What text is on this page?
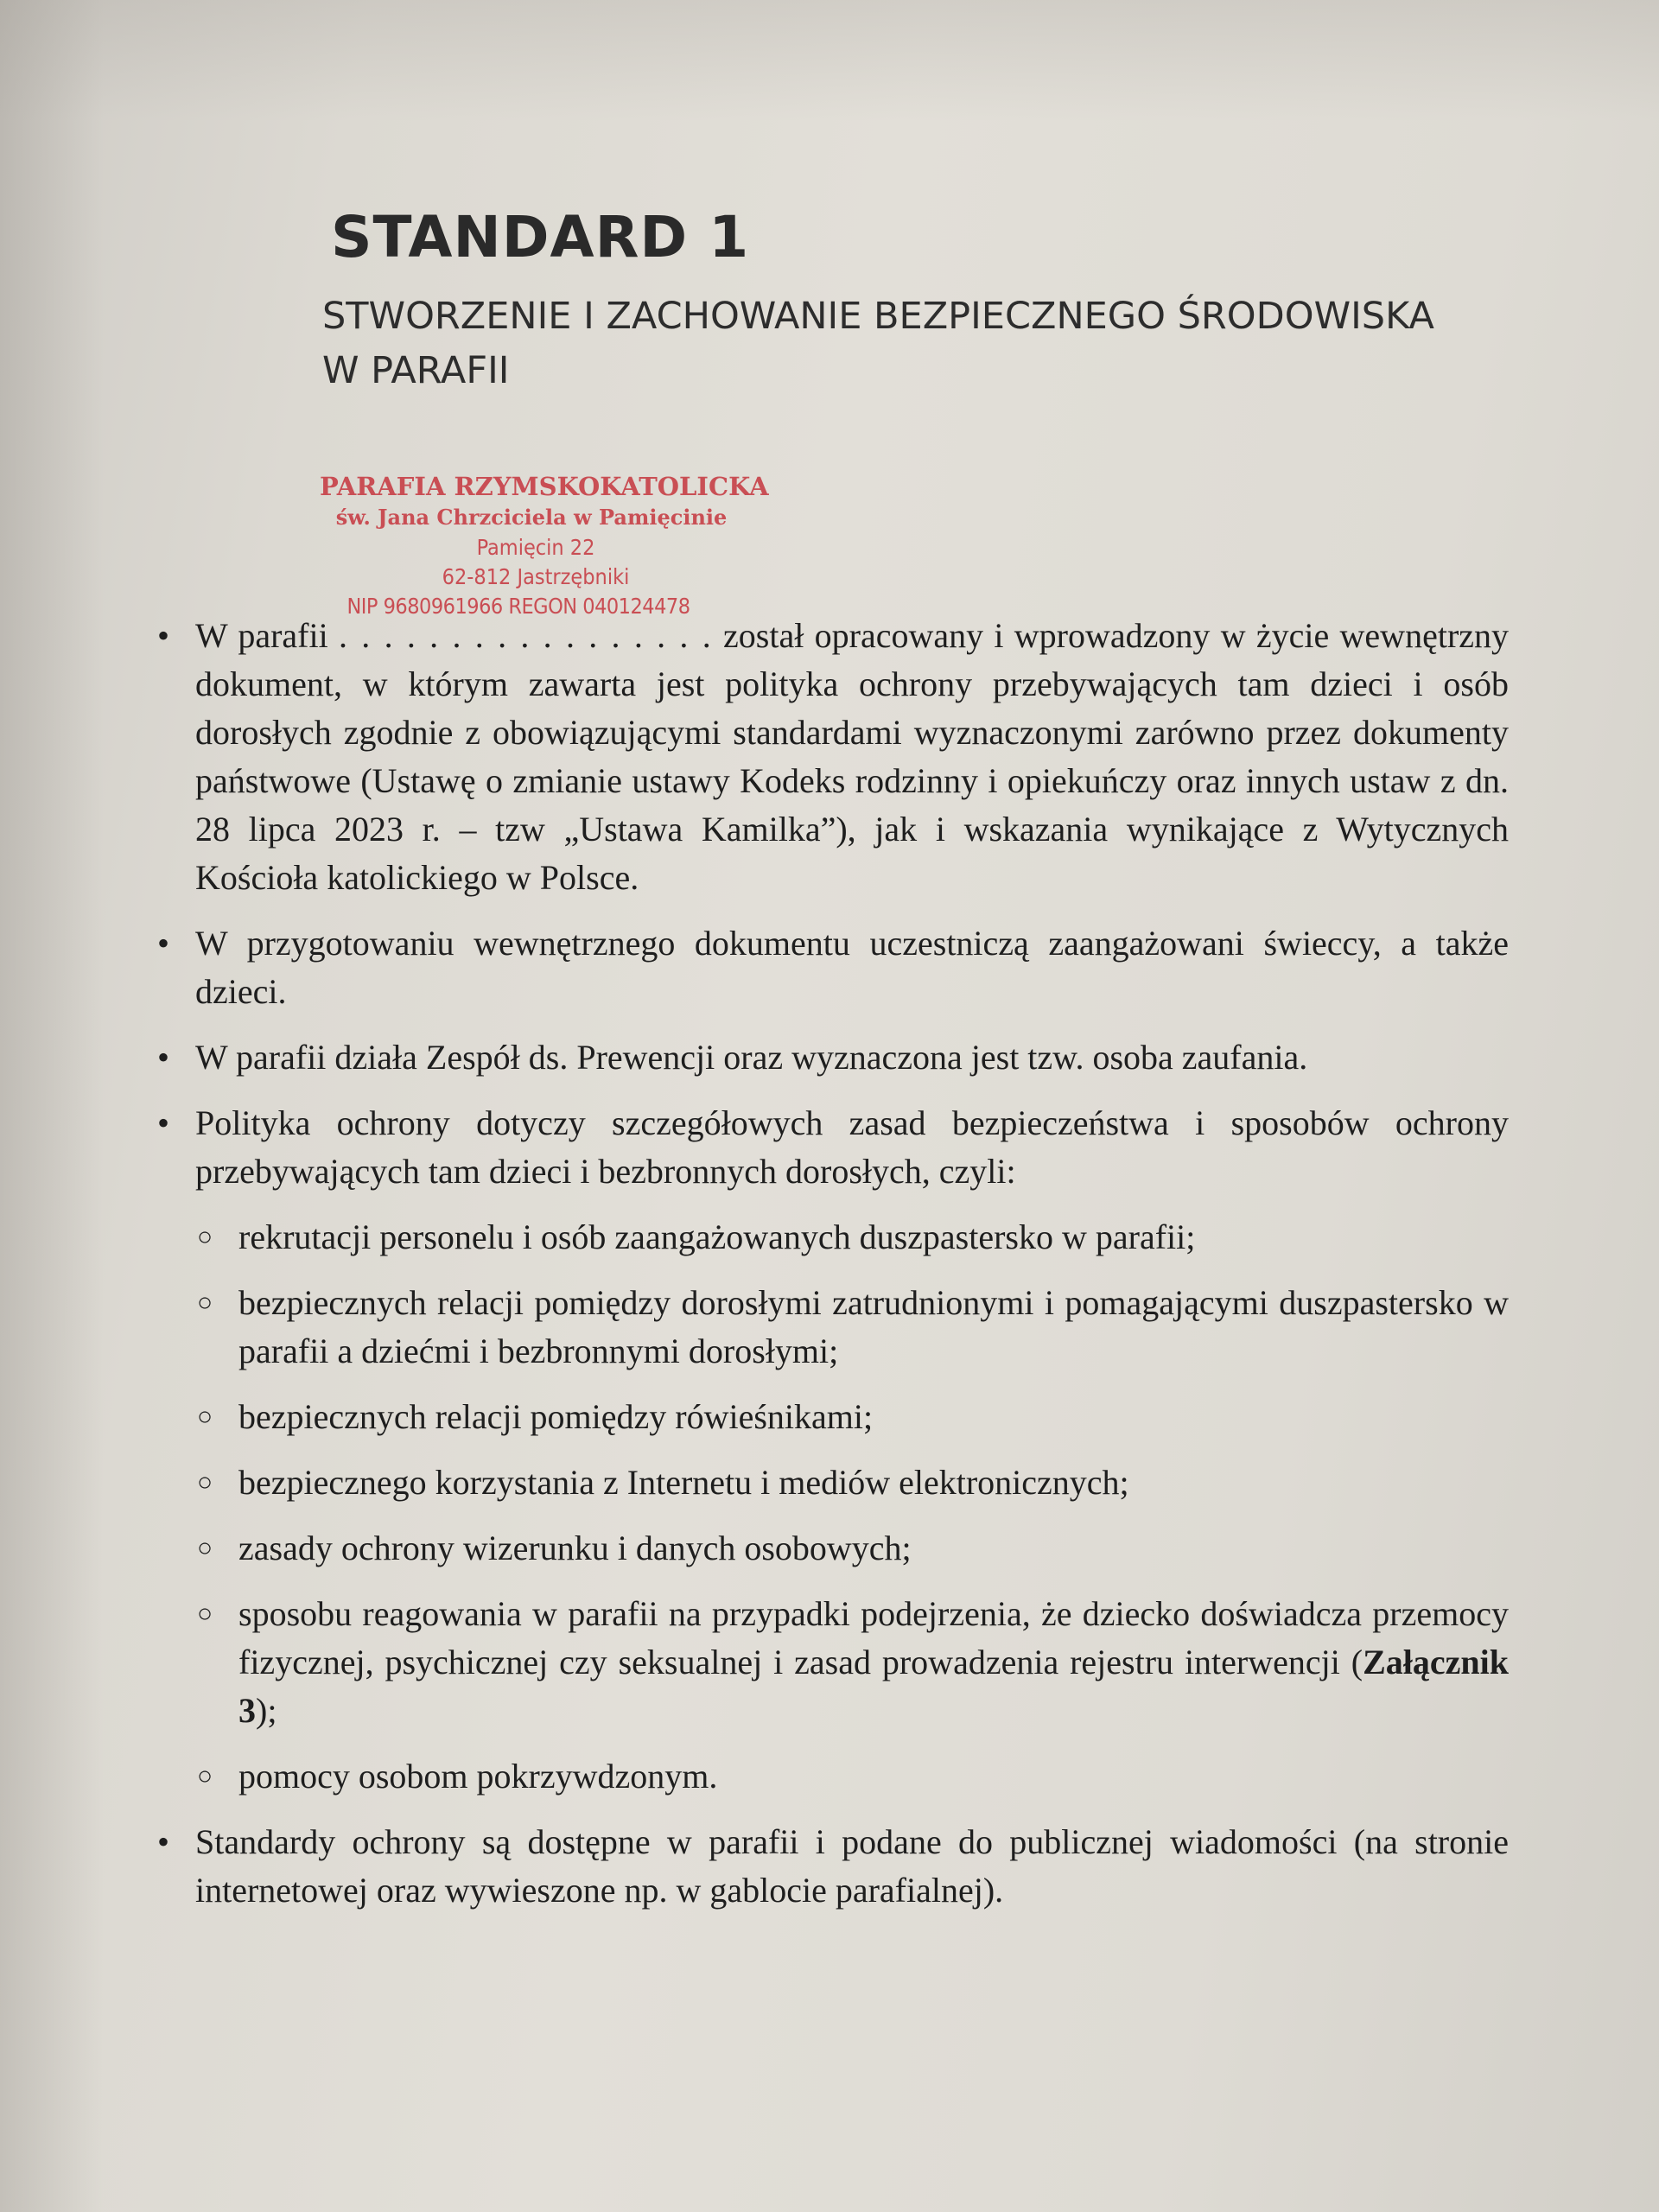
STANDARD 1
STWORZENIE I ZACHOWANIE BEZPIECZNEGO ŚRODOWISKA
W PARAFII
PARAFIA RZYMSKOKATOLICKA
św. Jana Chrzciciela w Pamięcinie
Pamięcin 22
62-812 Jastrzębniki
NIP 9680961966 REGON 040124478
• W parafii . . . . . . . . . . . . . . . . . został opracowany i wprowadzony w życie wewnętrzny dokument, w którym zawarta jest polityka ochrony przebywających tam dzieci i osób dorosłych zgodnie z obowiązującymi standardami wyznaczonymi zarówno przez dokumenty państwowe (Ustawę o zmianie ustawy Kodeks rodzinny i opiekuńczy oraz innych ustaw z dn. 28 lipca 2023 r. – tzw „Ustawa Kamilka”), jak i wskazania wynikające z Wytycznych Kościoła katolickiego w Polsce.
• W przygotowaniu wewnętrznego dokumentu uczestniczą zaangażowani świeccy, a także dzieci.
• W parafii działa Zespół ds. Prewencji oraz wyznaczona jest tzw. osoba zaufania.
• Polityka ochrony dotyczy szczegółowych zasad bezpieczeństwa i sposobów ochrony przebywających tam dzieci i bezbronnych dorosłych, czyli:
○ rekrutacji personelu i osób zaangażowanych duszpastersko w parafii;
○ bezpiecznych relacji pomiędzy dorosłymi zatrudnionymi i pomagającymi duszpastersko w parafii a dziećmi i bezbronnymi dorosłymi;
○ bezpiecznych relacji pomiędzy rówieśnikami;
○ bezpiecznego korzystania z Internetu i mediów elektronicznych;
○ zasady ochrony wizerunku i danych osobowych;
○ sposobu reagowania w parafii na przypadki podejrzenia, że dziecko doświadcza przemocy fizycznej, psychicznej czy seksualnej i zasad prowadzenia rejestru interwencji (Załącznik 3);
○ pomocy osobom pokrzywdzonym.
• Standardy ochrony są dostępne w parafii i podane do publicznej wiadomości (na stronie internetowej oraz wywieszone np. w gablocie parafialnej).
